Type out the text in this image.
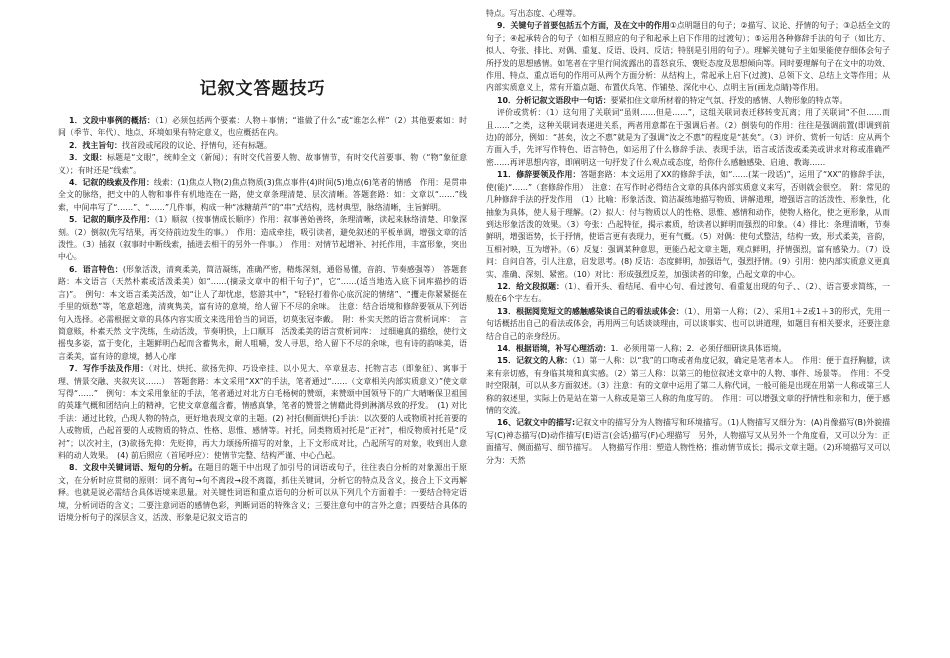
记叙文答题技巧

1．文段中事例的概括：（1）必须包括两个要素：人物＋事情；“谁做了什么”或“谁怎么样”（2）其他要素如：时间（季节、年代）、地点、环境如果有特定意义，也应概括在内。

2．找主旨句：找首段或尾段的议论、抒情句，还有标题。

3．文眼：标题是“文眼”，统帅全文（新闻）；有时交代首要人物、故事情节，有时交代首要事、物（“物”象征意义）；有时还是“线索”。

4．记叙的线索及作用：线索：(1)焦点人物(2)焦点物质(3)焦点事件(4)时间(5)地点(6)笔者的情感　作用：是贯串全文的脉络，把文中的人物和事件有机地连在一路，使文章条理清楚、层次清晰。答题套路：如：文章以“……”线索，中间串写了“……”、“……”几件事，构成一种“冰糖葫芦”的“串”式结构，选材典型，脉络清晰，主旨鲜明。

5．记叙的顺序及作用：（1）顺叙（按事情成长顺序）作用：叙事善始善终，条理清晰，读起来脉络清楚、印象深刻。（2）倒叙(先写结果，再交待前边发生的事。）　作用：造成牵挂，吸引读者，避免叙述的平板单调，增强文章的活泼性。（3）插叙（叙事时中断线索，插进去相干的另外一件事。）　作用：对情节起增补、衬托作用，丰富形象，突出中心。

6．语言特色：(形象活泼，清爽柔美，简洁凝练，准确严密，精炼深刻，通俗易懂，音韵、节奏感强等）　答题套路：本文语言（天然朴素或活泼柔美）如“……(摘录文章中的相干句子)”，它“……(适当地选入底下词库描抄的语言)”。　例句：本文语言柔美活泼，如“让人了却忧虑，悠游其中”，“轻轻打着你心底沉淀的情绪”、“攫走你紧紧挺在手里的烦愁”等，笔意超逸，清爽隽美，富有诗的意境，给人留下不尽的余味。　注意：结合语境和修辞要领从下列语句入选择。必需根据文章的具体内容实质文来选用恰当的词语，切莫张冠李戴。　附：朴实天然的语言赏析词库：　言简意赅，朴素天然 文字洗练，生动活泼，节奏明快，上口顺耳　活泼柔美的语言赏析词库：　过细遍真的描绘，使行文摇曳多姿，富于变化，主题鲜明凸起而含蓄隽永，耐人咀嚼，发人寻思，给人留下不尽的余味，也有诗的韵味美，语言柔美，富有诗的意境，撼人心扉

7．写作手法及作用：（对比、烘托、欲扬先抑、巧设牵挂、以小见大、卒章显志、托物言志（即象征）、寓事于理、情景交融、夹叙夹议……）　答题套路：本文采用“XX”的手法，笔者通过“……（文章相关内部实质意义）”使文章写得“……”　例句：本文采用象征的手法，笔者通过对北方白毛杨树的赞颂，来赞颂中国领导下的广大晴晰保卫祖国的英雄气概和团结向上的精神，它使文章意蕴含蓄，情感真挚，笔者的赞誉之情藉此得到淋漓尽致的抒发。　(1) 对比手法：通过比较，凸现人物的特点，更好地表现文章的主题。(2) 衬托(侧面烘托)手法：以次要的人或物质衬托首要的人或物质，凸起首要的人或物质的特点、性格、思惟、感情等。衬托，同类物质衬托是“正衬”，相反物质衬托是“反衬”；以次衬主，(3)欲扬先抑：先贬抑，再大力颂扬所描写的对象，上下文形成对比，凸起所写的对象，收到出人意料的动人效果。　(4) 前后照应（首尾呼应）：使情节完整、结构严谨、中心凸起。

8．文段中关键词语、短句的分析。在题目的题干中出现了加引号的词语或句子，往往表白分析的对象源出于原文，在分析时应贯彻的原则：词不离句→句不离段→段不离篇，抓住关键词，分析它的特点及含义，接合上下文再解释。也就是说必需结合具体语境来思量。对关键性词语和重点语句的分析可以从下列几个方面着手：一要结合特定语境，分析词语的含义；二要注意词语的感情色彩，判断词语的特殊含义；三要注意句中的言外之意；四要结合具体的语境分析句子的深层含义，活泼、形象是记叙文语言的

特点。写出态度、心理等。

9．关键句子首要包括五个方面，及在文中的作用①点明题目的句子；②描写、议论、抒情的句子；③总括全文的句子；④起承转合的句子（如相互照应的句子和起承上启下作用的过渡句）；⑤运用各种修辞手法的句子（如比方、拟人、夸张、排比、对偶、重复、反语、设问、反诘；特别是引用的句子）。理解关键句子主如果能使存细体会句子所抒发的思想感情。如笔者在字里行间流露出的喜怒哀乐、褒贬态度及思想倾向等。同时要理解句子在文中的功效、作用、特点、重点语句的作用可从两个方面分析：从结构上，常起承上启下(过渡)、总领下文、总结上文等作用；从内部实质意义上，常有开篇点题、布置伏兵笔、作铺垫、深化中心、点明主旨(画龙点睛)等作用。

10．分析记叙文语段中一句话：要紧扣住文章所材着的特定气氛、抒发的感情、人物形象的特点等。

评价或赏析：（1）这句用了关联词“虽则……但是……”，这组关联词表迁移转变瓦离；用了关联词“不但……而且……”之类，这种关联词表递进关系，两者用意都在于强调后者。（2）倒装句的作用：往往是强调前置(即调到前边)的部分，例如：“甚矣，汝之不惠”就是为了强调“汝之不惠”的程度是“甚矣”。（3）评价、赏析一句话：应从两个方面入手，先评写作特色、语言特色，如运用了什么修辞手法、表现手法，语言或活泼或柔美或讲求对称或准确严密……再评思想内容，即阐明这一句抒发了什么观点或态度，给你什么感触感染、启迪、教诲……

11．修辞要领及作用：答题套路：本文运用了XX的修辞手法，如“……(某一段话)”，运用了“XX”的修辞手法，使(能)“……”（套修辞作用）　注意：在写作时必得结合文章的具体内部实质意义来写，否则就会很空。　附：常见的几种修辞手法的抒发作用　（1）比喻：形象活泼、简洁凝练地描写物质、讲解道理，增强语言的活泼性、形象性，化抽象为具体，使人易于理解。（2）拟人：付与物质以人的性格、思惟、感情和动作，使物人格化，使之更形象，从而到达形象活泼的效果。（3）夸张：凸起特征，揭示素质，给读者以鲜明而强烈的印象。（4）排比：条理清晰，节奏鲜明，增强语势，长于抒情，使语言更有表现力，更有气概。（5）对偶：使句式整洁，结构一致，形式柔美，音韵，互相衬映，互为增补。（6）反复：强调某种意思，更能凸起文章主题，观点鲜明，抒情强烈，富有感染力。（7）设问：自问自答，引人注意，启发思考。(8) 反诘：态度鲜明，加强语气，强烈抒情。（9）引用：使内部实质意义更真实、准确、深刻、紧密。（10）对比：形成强烈反差，加强读者的印象，凸起文章的中心。

12．给文段拟题：（1）、看开头、看结尾、看中心句、看过渡句、看重复出现的句子、、（2）、语言要求简练，一般在6个字左右。

13．根据阅览短文的感触感染谈自己的看法或体会：（1）、用第一人称；（2）、采用1＋2或1＋3的形式，先用一句话概括出自己的看法或体会，再用两三句话谈谈理由，可以谈事实、也可以讲道理，如题目有相关要求，还要注意结合自己的亲身经历。

14．根据语境，补写心理活动：1．必须用第一人称；2．必须仔细研读具体语境。

15．记叙文的人称：（1）第一人称：以“我”的口吻或者角度记叙，确定是笔者本人。　作用：便于直抒胸臆，读来有亲切感，有身临其境和真实感。（2）第三人称：以第三的他位叙述文章中的人物、事件、场景等。　作用：不受时空限制，可以从多方面叙述。（3）注意：有的文章中运用了第二人称代词，一般可能是出现在用第一人称或第三人称的叙述里，实际上仍是站在第一人称或是第三人称的角度写的。　作用：可以增强文章的抒情性和亲和力，便于感情的交流。

16、记叙文中的描写:记叙文中的描写分为人物描写和环境描写。（1)人物描写又细分为：(A)肖像描写(B)外貌描写(C)神态描写(D)动作描写(E)语言(会话)描写(F)心理描写　另外，人物描写又从另外一个角度看，又可以分为：正面描写、侧面描写、细节描写。　人物描写作用：塑造人物性格；推动情节成长；揭示文章主题。（2)环境描写又可以分为：天然
